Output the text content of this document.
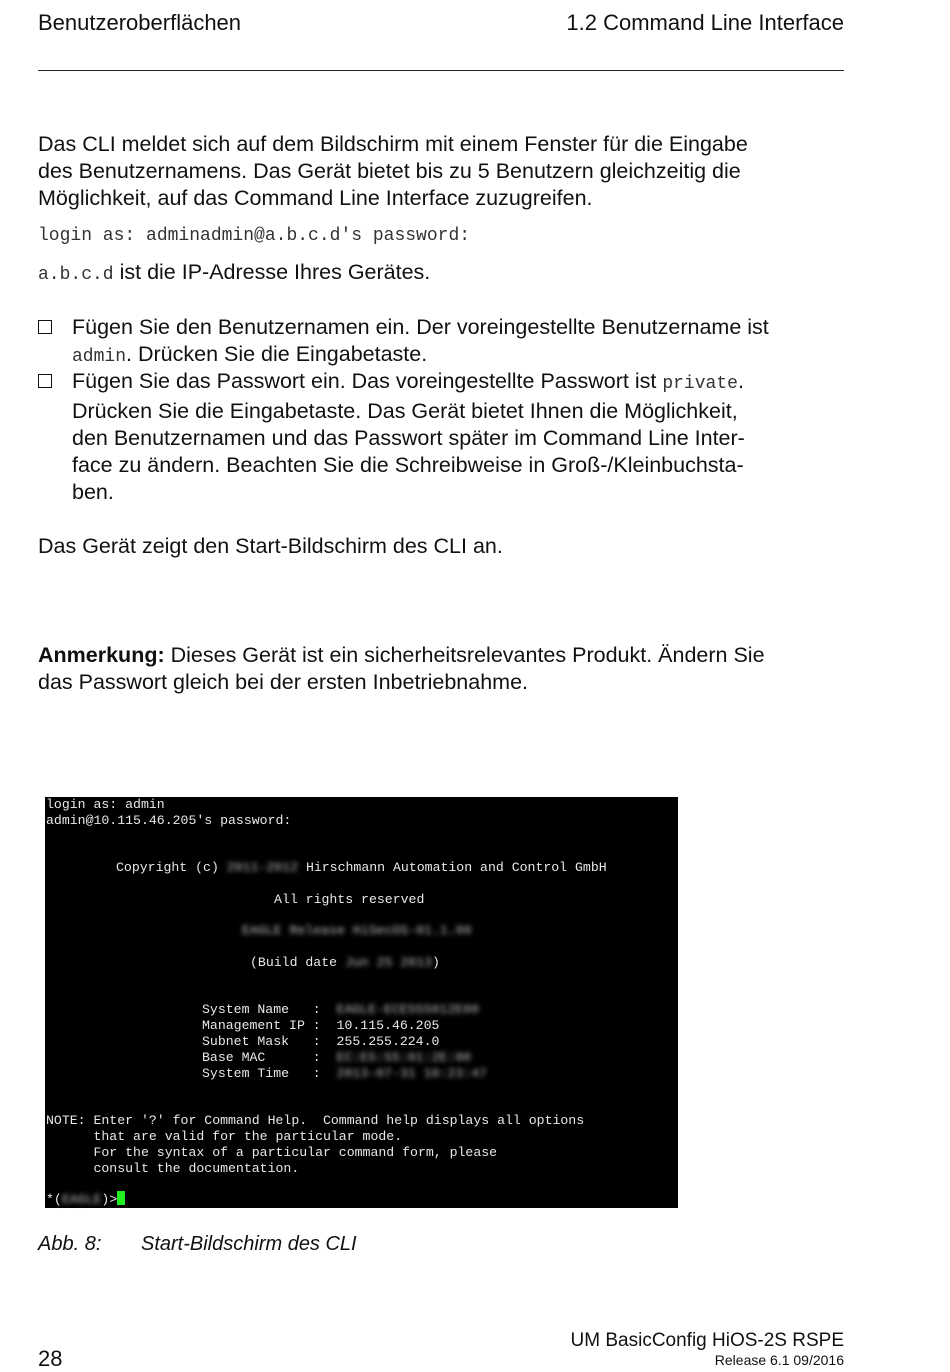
Benutzeroberflächen	1.2 Command Line Interface
Das CLI meldet sich auf dem Bildschirm mit einem Fenster für die Eingabe
des Benutzernamens. Das Gerät bietet bis zu 5 Benutzern gleichzeitig die
Möglichkeit, auf das Command Line Interface zuzugreifen.
login as: adminadmin@a.b.c.d's password:
a.b.c.d ist die IP-Adresse Ihres Gerätes.
Fügen Sie den Benutzernamen ein. Der voreingestellte Benutzername ist
admin. Drücken Sie die Eingabetaste.
Fügen Sie das Passwort ein. Das voreingestellte Passwort ist private.
Drücken Sie die Eingabetaste. Das Gerät bietet Ihnen die Möglichkeit,
den Benutzernamen und das Passwort später im Command Line Inter-
face zu ändern. Beachten Sie die Schreibweise in Groß-/Kleinbuchsta-
ben.
Das Gerät zeigt den Start-Bildschirm des CLI an.
Anmerkung: Dieses Gerät ist ein sicherheitsrelevantes Produkt. Ändern Sie
das Passwort gleich bei der ersten Inbetriebnahme.
login as: admin
admin@10.115.46.205's password:
Copyright (c) 2011-2012 Hirschmann Automation and Control GmbH
All rights reserved
EAGLE Release HiSecOS-01.1.00
(Build date Jun 25 2013)
System Name   :  EAGLE-ECE555012E00
Management IP :  10.115.46.205
Subnet Mask   :  255.255.224.0
Base MAC      :  EC:E5:55:01:2E:00
System Time   :  2013-07-31 10:23:47
NOTE: Enter '?' for Command Help.  Command help displays all options
that are valid for the particular mode.
For the syntax of a particular command form, please
consult the documentation.
*(EAGLE)>
Abb. 8: Start-Bildschirm des CLI
28
UM BasicConfig HiOS-2S RSPE
Release 6.1 09/2016
